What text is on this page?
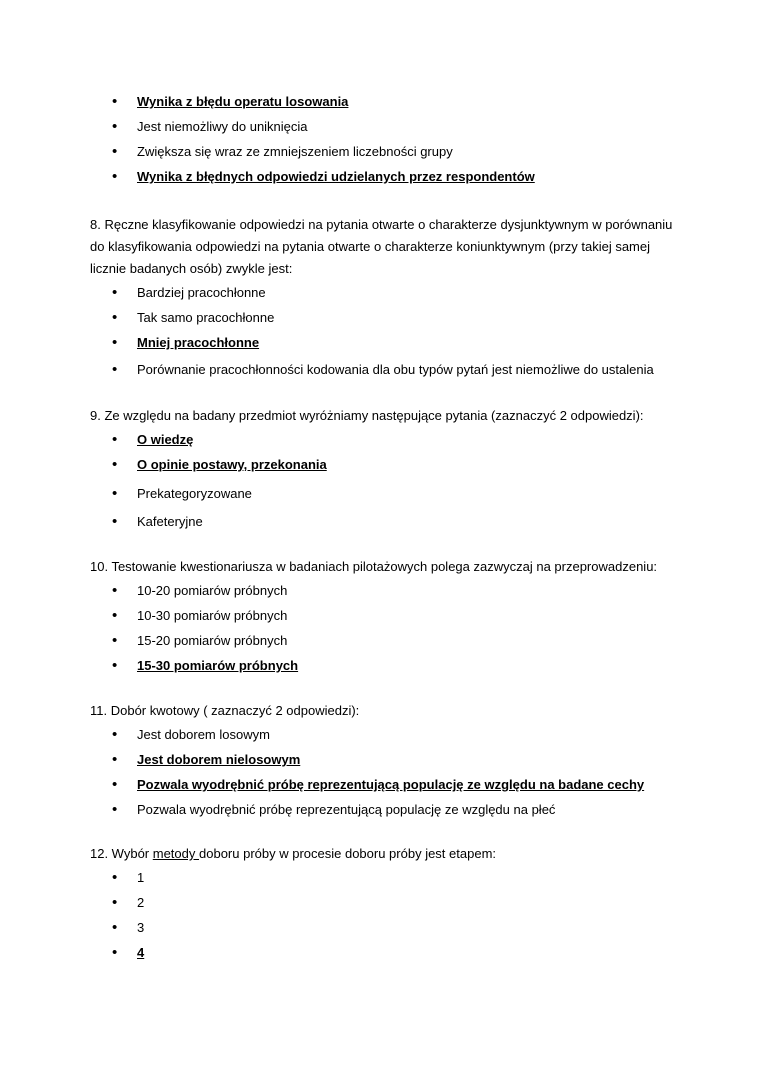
• Wynika z błędu operatu losowania
• Jest niemożliwy do uniknięcia
• Zwiększa się wraz ze zmniejszeniem liczebności grupy
• Wynika z błędnych odpowiedzi udzielanych przez respondentów

8. Ręczne klasyfikowanie odpowiedzi na pytania otwarte o charakterze dysjunktywnym w porównaniu do klasyfikowania odpowiedzi na pytania otwarte o charakterze koniunktywnym (przy takiej samej licznie badanych osób) zwykle jest:

• Bardziej pracochłonne
• Tak samo pracochłonne
• Mniej pracochłonne
• Porównanie pracochłonności kodowania dla obu typów pytań jest niemożliwe do ustalenia

9. Ze względu na badany przedmiot wyróżniamy następujące pytania (zaznaczyć 2 odpowiedzi):

• O wiedzę
• O opinie postawy, przekonania
• Prekategoryzowane
• Kafeteryjne

10. Testowanie kwestionariusza w badaniach pilotażowych polega zazwyczaj na przeprowadzeniu:

• 10-20 pomiarów próbnych
• 10-30 pomiarów próbnych
• 15-20 pomiarów próbnych
• 15-30 pomiarów próbnych

11. Dobór kwotowy ( zaznaczyć 2 odpowiedzi):

• Jest doborem losowym
• Jest doborem nielosowym
• Pozwala wyodrębnić próbę reprezentującą populację ze względu na badane cechy
• Pozwala wyodrębnić próbę reprezentującą populację ze względu na płeć

12. Wybór metody doboru próby w procesie doboru próby jest etapem:

• 1
• 2
• 3
• 4
